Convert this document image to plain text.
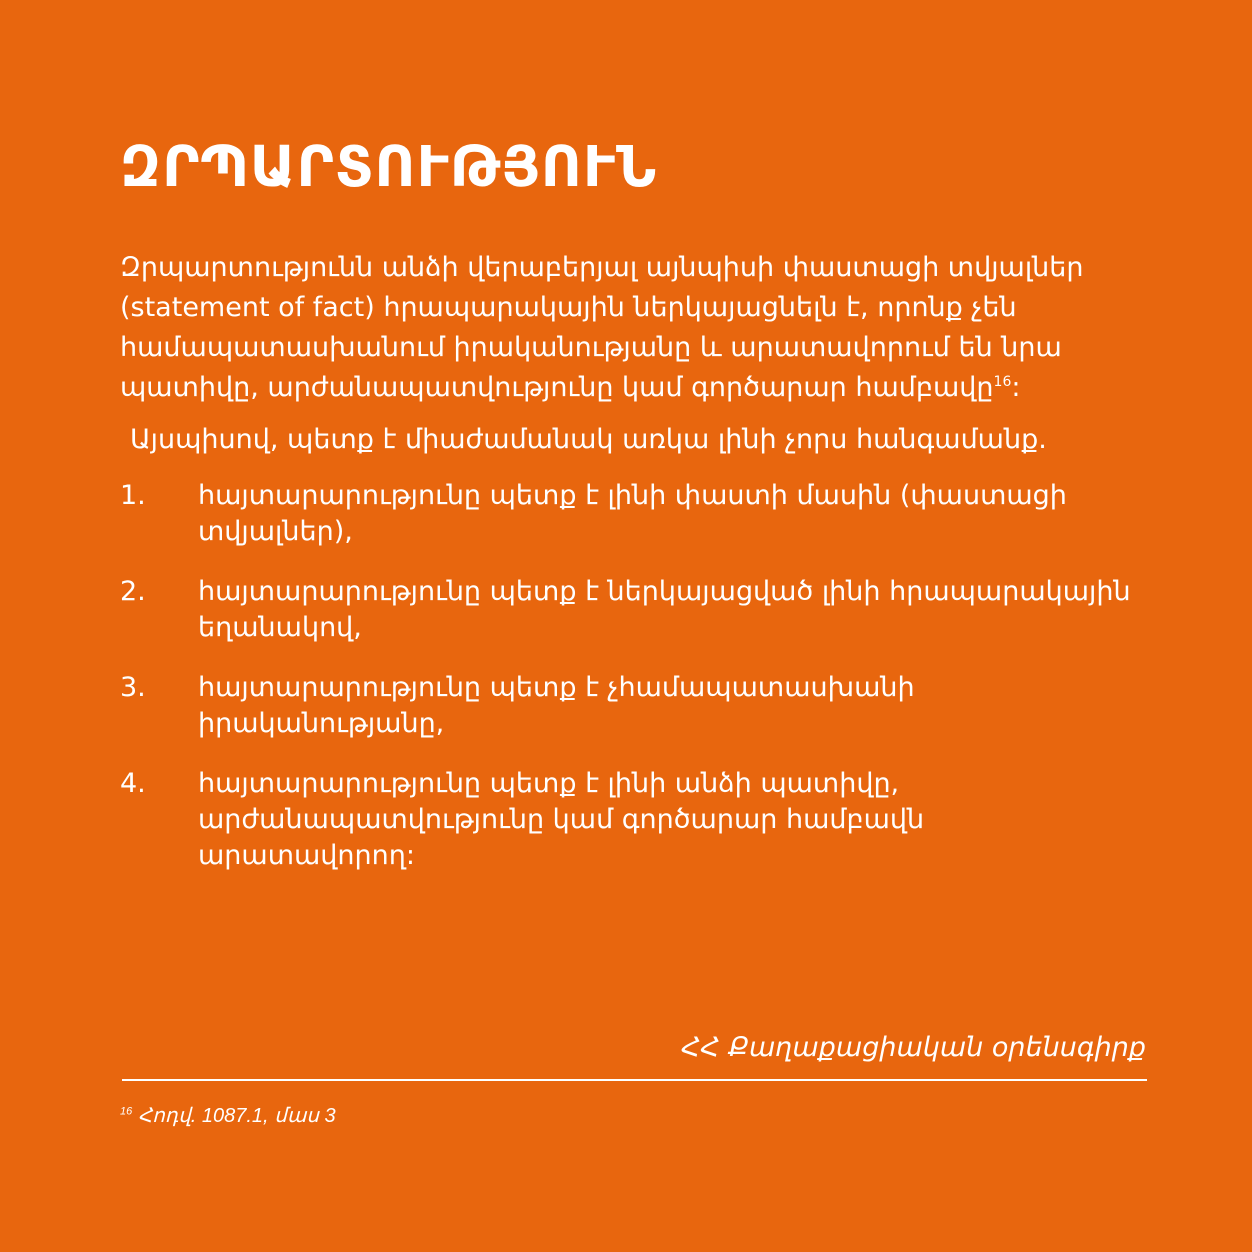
ԶՐՊԱՐՏՈՒԹՅՈՒՆ

Զրպարտությունն անձի վերաբերյալ այնպիսի փաստացի տվյալներ (statement of fact) հրապարակային ներկայացնելն է, որոնք չեն համապատասխանում իրականությանը և արատավորում են նրա պատիվը, արժանապատվությունը կամ գործարար համբավը$^{16}$:

Այսպիսով, պետք է միաժամանակ առկա լինի չորս հանգամանք.

1.	հայտարարությունը պետք է լինի փաստի մասին (փաստացի տվյալներ),
2.	հայտարարությունը պետք է ներկայացված լինի հրապարակային եղանակով,
3.	հայտարարությունը պետք է չհամապատասխանի իրականությանը,
4.	հայտարարությունը պետք է լինի անձի պատիվը, արժանապատվությունը կամ գործարար համբավն արատավորող:
ՀՀ Քաղաքացիական օրենսգիրք
$^{16}$ Հոդվ. 1087.1, մաս 3
